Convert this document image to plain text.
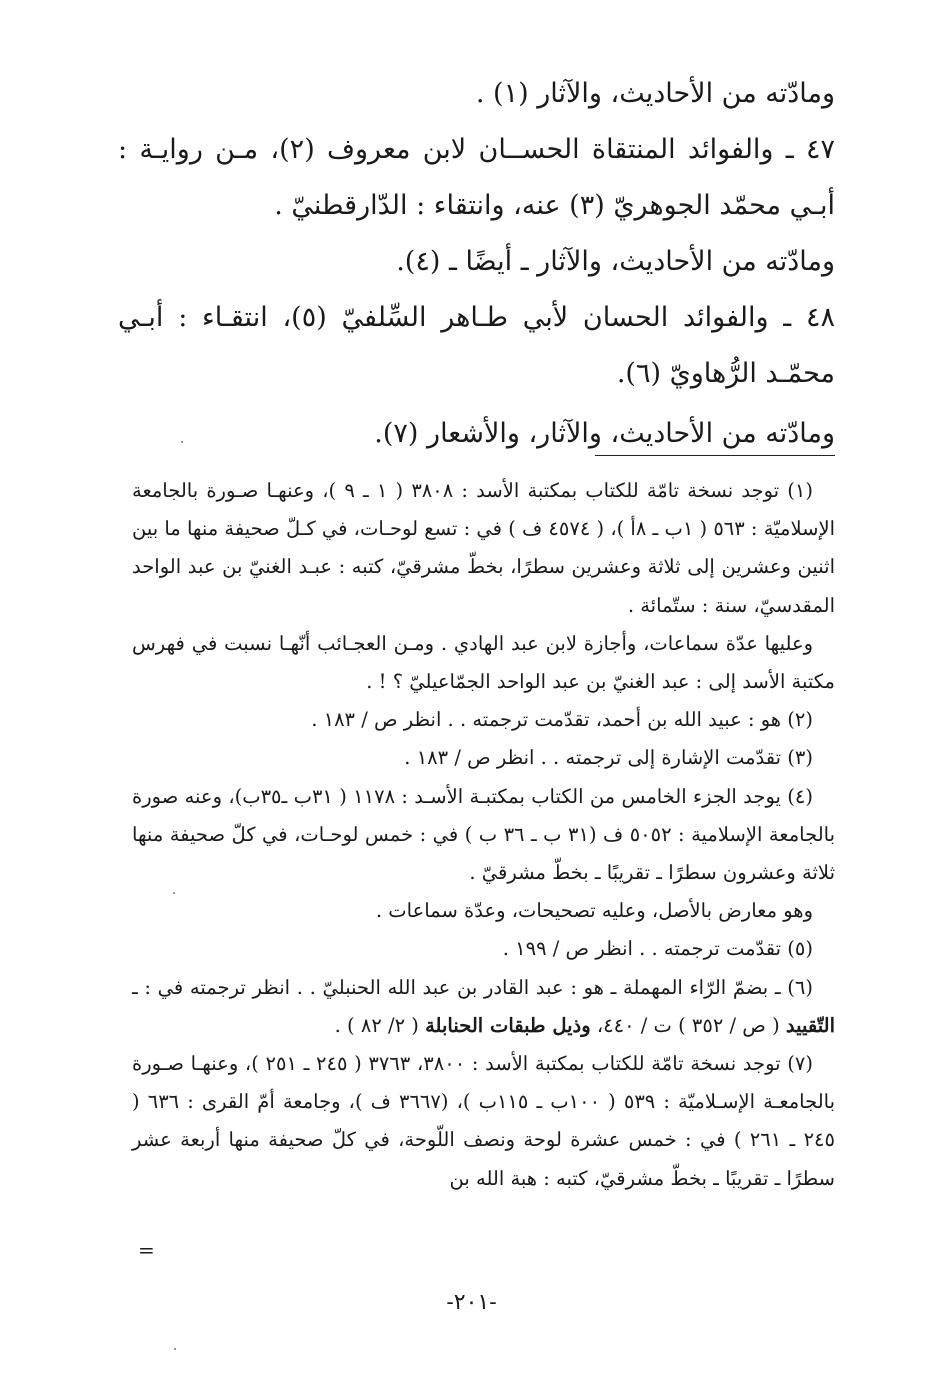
ومادّته من الأحاديث، والآثار (١) .

٤٧ ـ والفوائد المنتقاة الحســان لابن معروف (٢)، مـن روايـة : أبـي محمّد الجوهريّ (٣) عنه، وانتقاء : الدّارقطنيّ .

ومادّته من الأحاديث، والآثار ـ أيضًا ـ (٤).

٤٨ ـ والفوائد الحسان لأبي طـاهر السِّلفيّ (٥)، انتقـاء : أبـي محمّـد الرُّهاويّ (٦).

ومادّته من الأحاديث، والآثار، والأشعار (٧).

(١) توجد نسخة تامّة للكتاب بمكتبة الأسد : ٣٨٠٨ ( ١ ـ ٩ )، وعنهـا صـورة بالجامعة الإسلاميّة : ٥٦٣ ( ١ب ـ ٨أ )، ( ٤٥٧٤ ف ) في : تسع لوحـات، في كـلّ صحيفة منها ما بين اثنين وعشرين إلى ثلاثة وعشرين سطرًا، بخطّ مشرقيّ، كتبه : عبـد الغنيّ بن عبد الواحد المقدسيّ، سنة : ستّمائة .

وعليها عدّة سماعات، وأجازة لابن عبد الهادي . ومـن العجـائب أنّهـا نسبت في فهرس مكتبة الأسد إلى : عبد الغنيّ بن عبد الواحد الجمّاعيليّ ؟ ! .

(٢) هو : عبيد الله بن أحمد، تقدّمت ترجمته . . انظر ص / ١٨٣ .

(٣) تقدّمت الإشارة إلى ترجمته . . انظر ص / ١٨٣ .

(٤) يوجد الجزء الخامس من الكتاب بمكتبـة الأسـد : ١١٧٨ ( ٣١ب ـ٣٥ب)، وعنه صورة بالجامعة الإسلامية : ٥٠٥٢ ف (٣١ ب ـ ٣٦ ب ) في : خمس لوحـات، في كلّ صحيفة منها ثلاثة وعشرون سطرًا ـ تقريبًا ـ بخطّ مشرقيّ .

وهو معارض بالأصل، وعليه تصحيحات، وعدّة سماعات .

(٥) تقدّمت ترجمته . . انظر ص / ١٩٩ .

(٦) ـ بضمّ الرّاء المهملة ـ هو : عبد القادر بن عبد الله الحنبليّ . . انظر ترجمته في : ـ التّقييد ( ص / ٣٥٢ ) ت / ٤٤٠، وذيل طبقات الحنابلة ( ٢/ ٨٢ ) .

(٧) توجد نسخة تامّة للكتاب بمكتبة الأسد : ٣٨٠٠، ٣٧٦٣ ( ٢٤٥ ـ ٢٥١ )، وعنهـا صـورة بالجامعـة الإسـلاميّة : ٥٣٩ ( ١٠٠ب ـ ١١٥ب )، (٣٦٦٧ ف )، وجامعة أمّ القرى : ٦٣٦ ( ٢٤٥ ـ ٢٦١ ) في : خمس عشرة لوحة ونصف اللّوحة، في كلّ صحيفة منها أربعة عشر سطرًا ـ تقريبًا ـ بخطّ مشرقيّ، كتبه : هبة الله بن

=
-٢٠١-
